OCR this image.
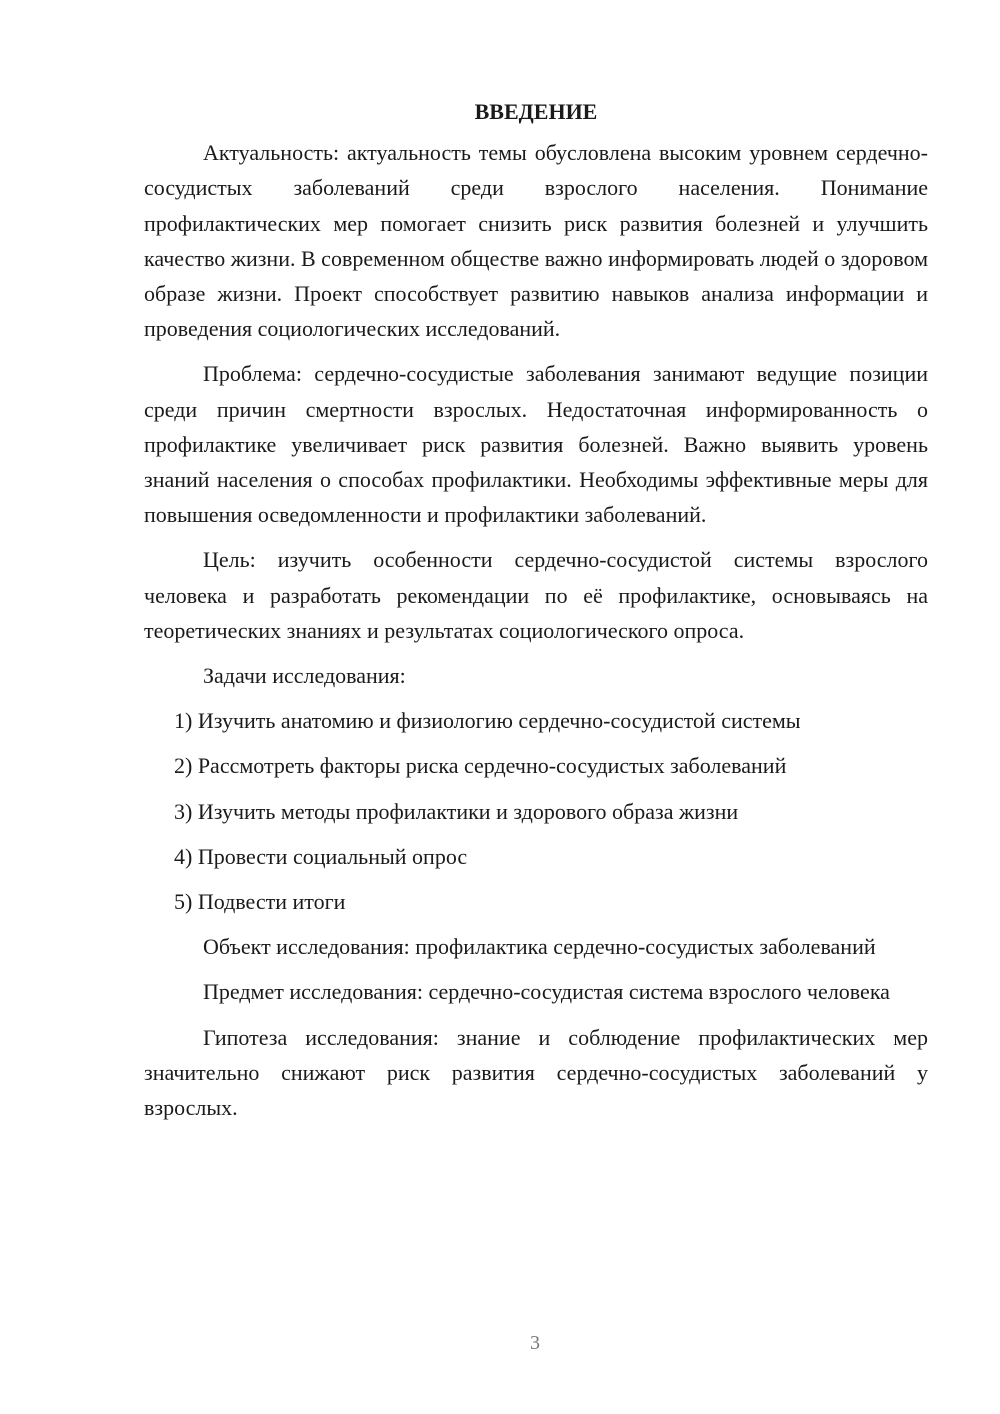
ВВЕДЕНИЕ

Актуальность: актуальность темы обусловлена высоким уровнем сердечно-сосудистых заболеваний среди взрослого населения. Понимание профилактических мер помогает снизить риск развития болезней и улучшить качество жизни. В современном обществе важно информировать людей о здоровом образе жизни. Проект способствует развитию навыков анализа информации и проведения социологических исследований.

Проблема: сердечно-сосудистые заболевания занимают ведущие позиции среди причин смертности взрослых. Недостаточная информированность о профилактике увеличивает риск развития болезней. Важно выявить уровень знаний населения о способах профилактики. Необходимы эффективные меры для повышения осведомленности и профилактики заболеваний.

Цель: изучить особенности сердечно-сосудистой системы взрослого человека и разработать рекомендации по её профилактике, основываясь на теоретических знаниях и результатах социологического опроса.

Задачи исследования:

1) Изучить анатомию и физиологию сердечно-сосудистой системы
2) Рассмотреть факторы риска сердечно-сосудистых заболеваний
3) Изучить методы профилактики и здорового образа жизни
4) Провести социальный опрос
5) Подвести итоги

Объект исследования: профилактика сердечно-сосудистых заболеваний

Предмет исследования: сердечно-сосудистая система взрослого человека

Гипотеза исследования: знание и соблюдение профилактических мер значительно снижают риск развития сердечно-сосудистых заболеваний у взрослых.

3
